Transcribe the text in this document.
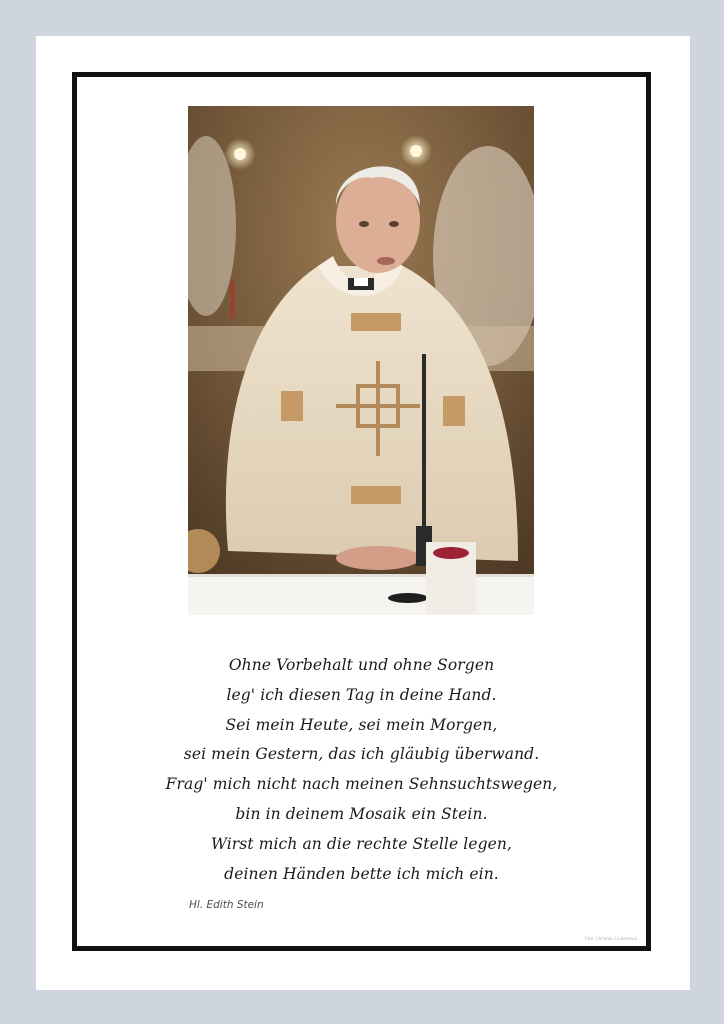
Ohne Vorbehalt und ohne Sorgen
leg' ich diesen Tag in deine Hand.
Sei mein Heute, sei mein Morgen,
sei mein Gestern, das ich gläubig überwand.
Frag' mich nicht nach meinen Sehnsuchtswegen,
bin in deinem Mosaik ein Stein.
Wirst mich an die rechte Stelle legen,
deinen Händen bette ich mich ein.
Hl. Edith Stein
Foto: Christian Lindenlaub
